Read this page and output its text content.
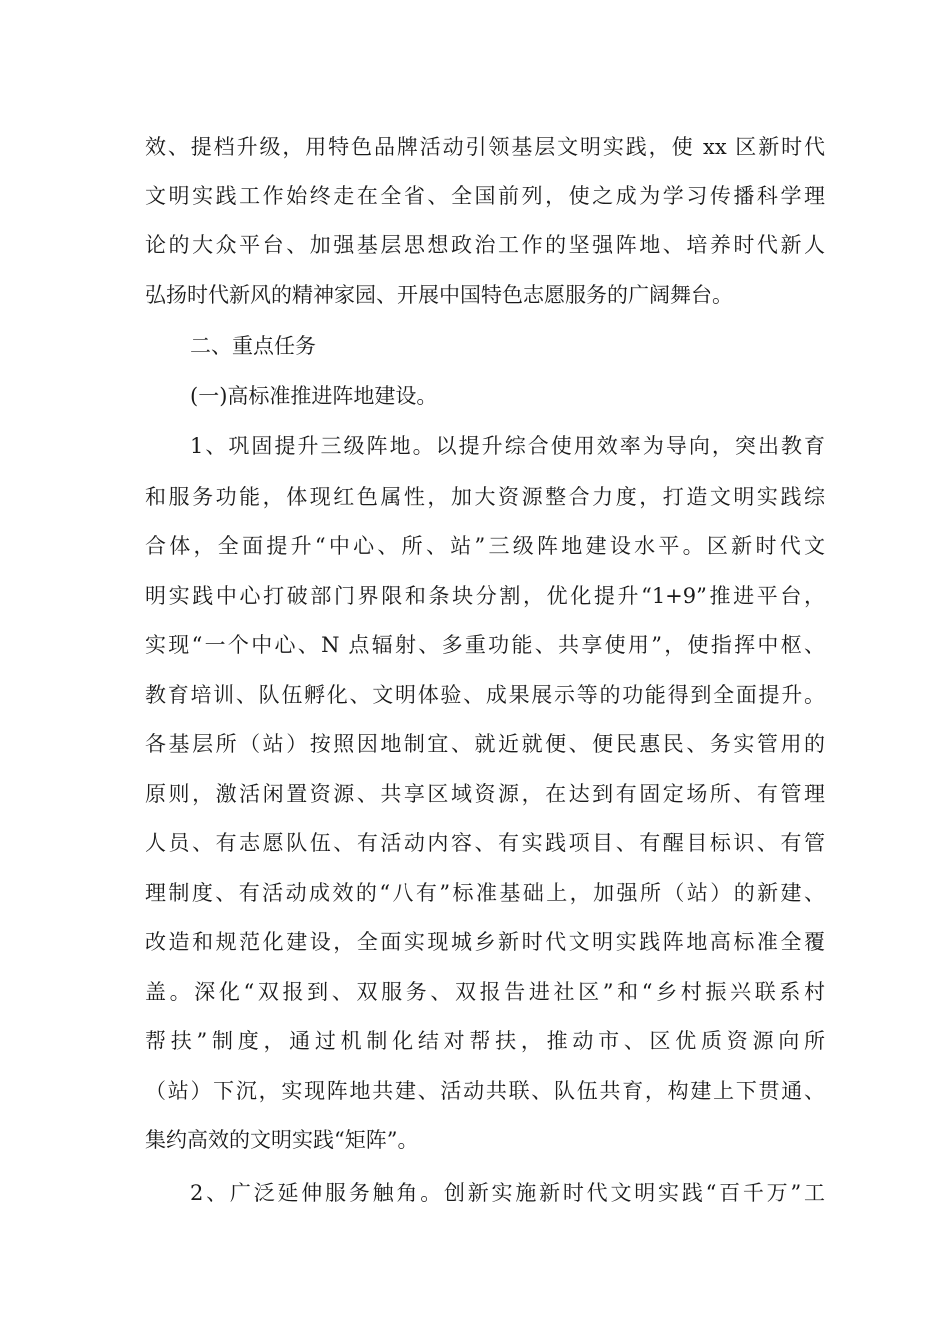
效、提档升级，用特色品牌活动引领基层文明实践，使 xx 区新时代
文明实践工作始终走在全省、全国前列，使之成为学习传播科学理
论的大众平台、加强基层思想政治工作的坚强阵地、培养时代新人
弘扬时代新风的精神家园、开展中国特色志愿服务的广阔舞台。
二、重点任务
(一)高标准推进阵地建设。
1、巩固提升三级阵地。以提升综合使用效率为导向，突出教育
和服务功能，体现红色属性，加大资源整合力度，打造文明实践综
合体，全面提升“中心、所、站”三级阵地建设水平。区新时代文
明实践中心打破部门界限和条块分割，优化提升“1+9”推进平台，
实现“一个中心、N 点辐射、多重功能、共享使用”，使指挥中枢、
教育培训、队伍孵化、文明体验、成果展示等的功能得到全面提升。
各基层所（站）按照因地制宜、就近就便、便民惠民、务实管用的
原则，激活闲置资源、共享区域资源，在达到有固定场所、有管理
人员、有志愿队伍、有活动内容、有实践项目、有醒目标识、有管
理制度、有活动成效的“八有”标准基础上，加强所（站）的新建、
改造和规范化建设，全面实现城乡新时代文明实践阵地高标准全覆
盖。深化“双报到、双服务、双报告进社区”和“乡村振兴联系村
帮扶”制度，通过机制化结对帮扶，推动市、区优质资源向所
（站）下沉，实现阵地共建、活动共联、队伍共育，构建上下贯通、
集约高效的文明实践“矩阵”。
2、广泛延伸服务触角。创新实施新时代文明实践“百千万”工
